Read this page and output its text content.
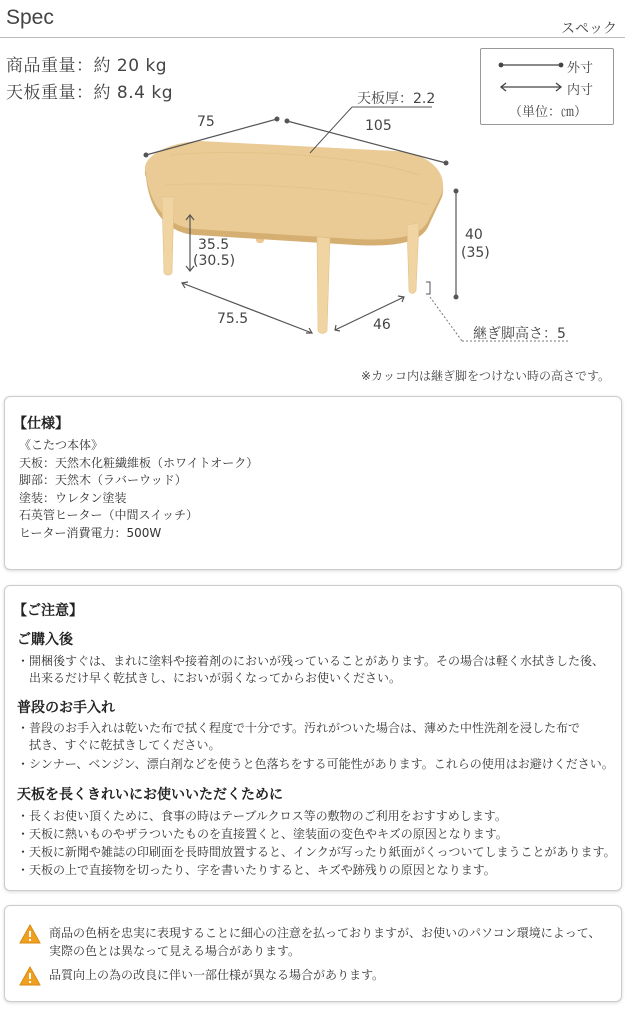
Spec	スペック
商品重量：約 20 kg
天板重量：約 8.4 kg
外寸
内寸
（単位：㎝）
75	105
天板厚：2.2
40
(35)
35.5
(30.5)
75.5	46
継ぎ脚高さ：5
※カッコ内は継ぎ脚をつけない時の高さです。
【仕様】
《こたつ本体》
天板：天然木化粧繊維板（ホワイトオーク）
脚部：天然木（ラバーウッド）
塗装：ウレタン塗装
石英管ヒーター（中間スイッチ）
ヒーター消費電力：500W
【ご注意】
ご購入後
・開梱後すぐは、まれに塗料や接着剤のにおいが残っていることがあります。その場合は軽く水拭きした後、
　出来るだけ早く乾拭きし、においが弱くなってからお使いください。
普段のお手入れ
・普段のお手入れは乾いた布で拭く程度で十分です。汚れがついた場合は、薄めた中性洗剤を浸した布で
　拭き、すぐに乾拭きしてください。
・シンナー、ベンジン、漂白剤などを使うと色落ちをする可能性があります。これらの使用はお避けください。
天板を長くきれいにお使いいただくために
・長くお使い頂くために、食事の時はテーブルクロス等の敷物のご利用をおすすめします。
・天板に熱いものやザラついたものを直接置くと、塗装面の変色やキズの原因となります。
・天板に新聞や雑誌の印刷面を長時間放置すると、インクが写ったり紙面がくっついてしまうことがあります。
・天板の上で直接物を切ったり、字を書いたりすると、キズや跡残りの原因となります。
商品の色柄を忠実に表現することに細心の注意を払っておりますが、お使いのパソコン環境によって、
実際の色とは異なって見える場合があります。
品質向上の為の改良に伴い一部仕様が異なる場合があります。
